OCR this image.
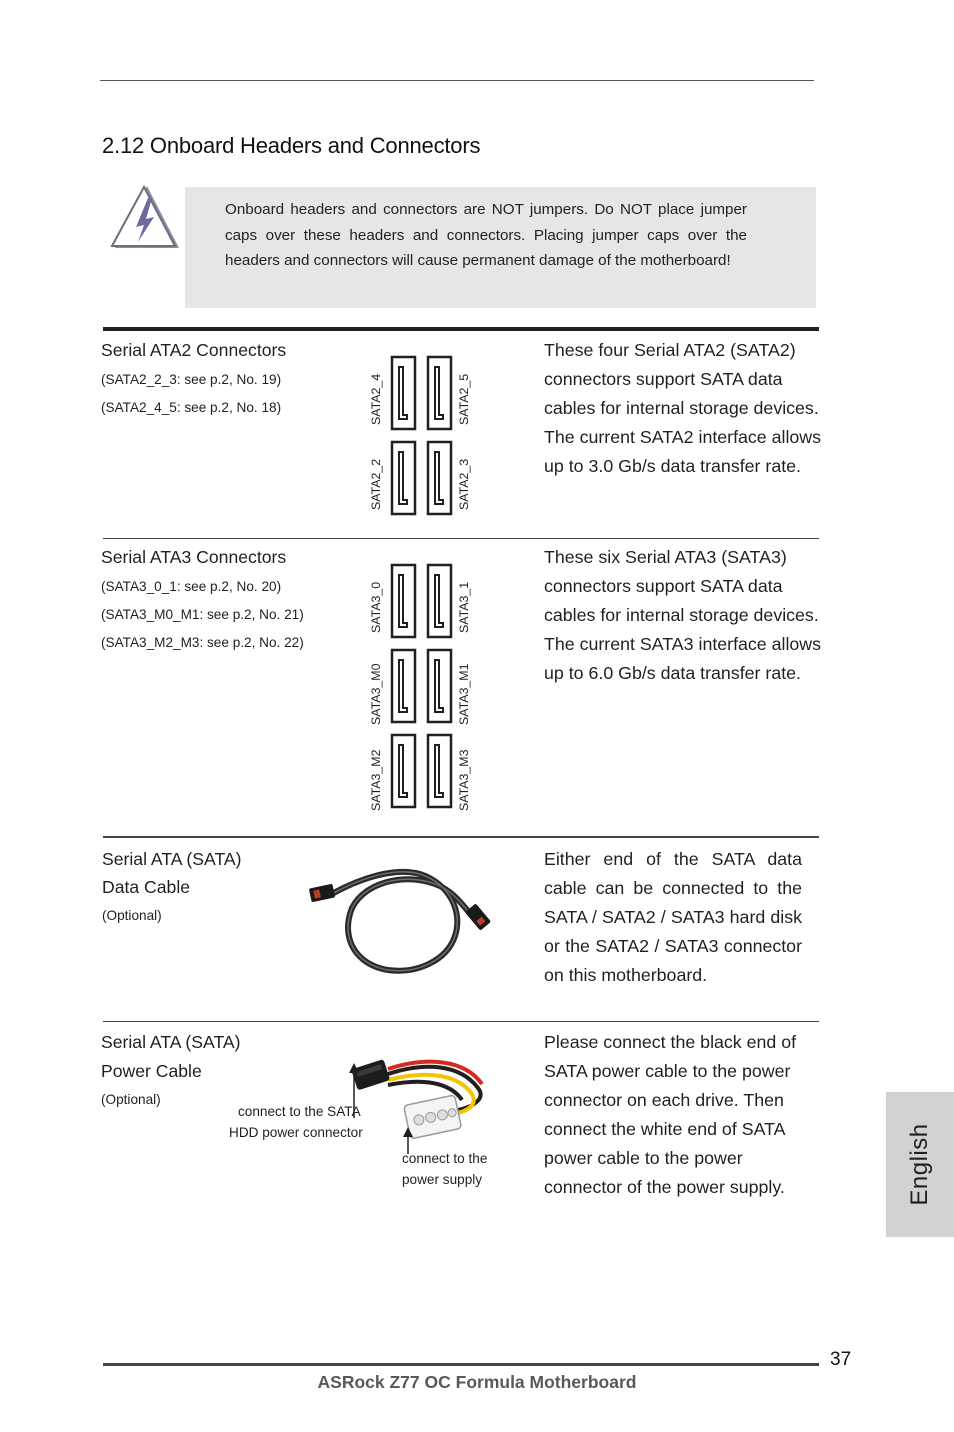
2.12 Onboard Headers and Connectors
Onboard headers and connectors are NOT jumpers. Do NOT place jumper caps over these headers and connectors. Placing jumper caps over the headers and connectors will cause permanent damage of the motherboard!
Serial ATA2 Connectors
(SATA2_2_3: see p.2, No. 19)
(SATA2_4_5: see p.2, No. 18)	SATA2_4	SATA2_5
SATA2_2	SATA2_3
These four Serial ATA2 (SATA2) connectors support SATA data cables for internal storage devices. The current SATA2 interface allows up to 3.0 Gb/s data transfer rate.
Serial ATA3 Connectors
(SATA3_0_1: see p.2, No. 20)
(SATA3_M0_M1: see p.2, No. 21)
(SATA3_M2_M3: see p.2, No. 22)
SATA3_0	SATA3_1
SATA3_M0	SATA3_M1
SATA3_M2	SATA3_M3
These six Serial ATA3 (SATA3) connectors support SATA data cables for internal storage devices. The current SATA3 interface allows up to 6.0 Gb/s data transfer rate.
Serial ATA (SATA)
Data Cable
(Optional)
Either end of the SATA data cable can be connected to the SATA / SATA2 / SATA3 hard disk or the SATA2 / SATA3 connector on this motherboard.
Serial ATA (SATA)
Power Cable
(Optional)
connect to the SATA
HDD power connector
connect to the
power supply
Please connect the black end of SATA power cable to the power connector on each drive. Then connect the white end of SATA power cable to the power connector of the power supply.	English
37
ASRock Z77 OC Formula Motherboard
